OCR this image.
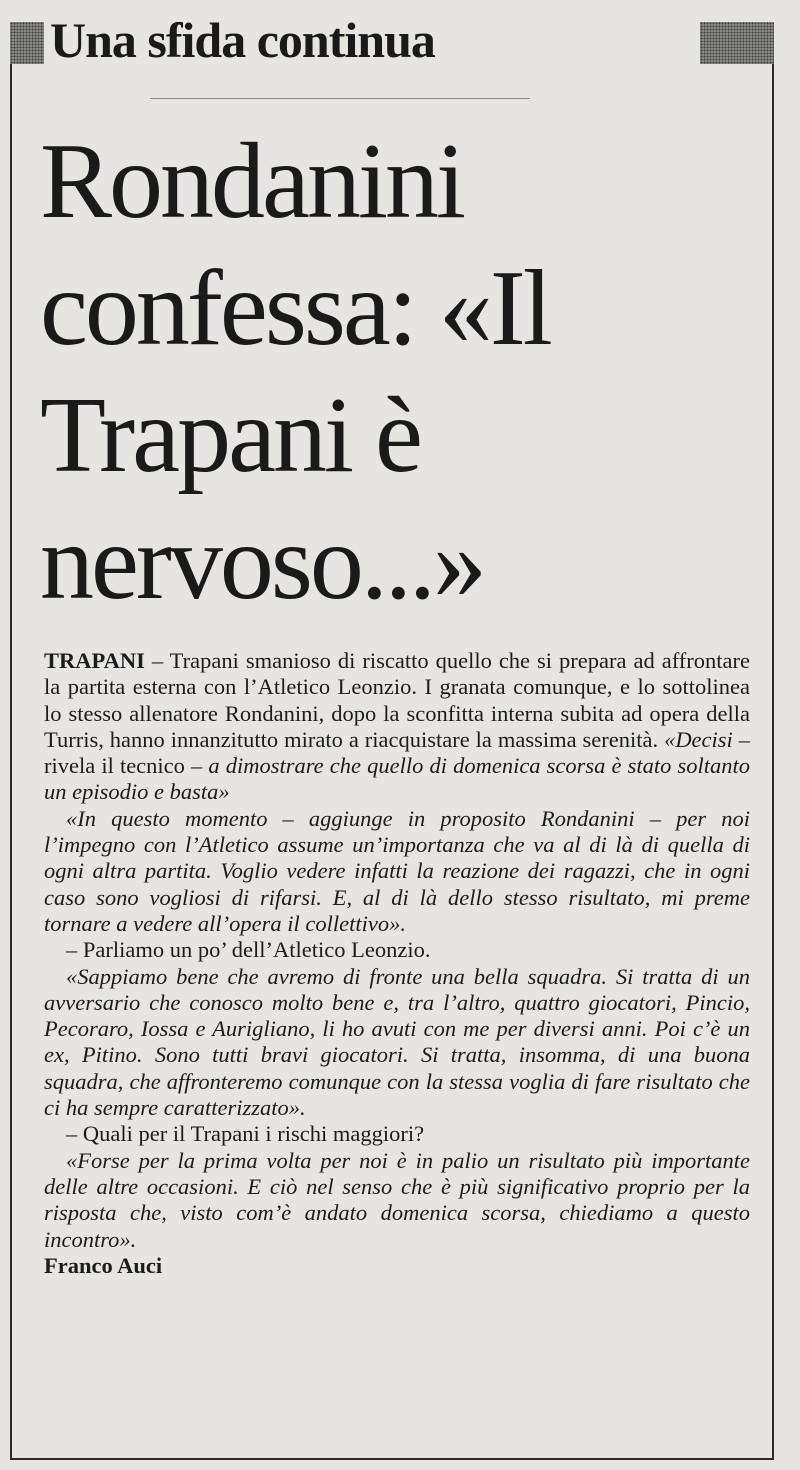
Una sfida continua
Rondanini
confessa: «Il
Trapani è
nervoso...»

TRAPANI – Trapani smanioso di riscatto quello che si prepara ad affrontare la partita esterna con l’Atletico Leonzio. I granata comunque, e lo sottolinea lo stesso allenatore Rondanini, dopo la sconfitta interna subita ad opera della Turris, hanno innanzitutto mirato a riacquistare la massima serenità. «Decisi – rivela il tecnico – a dimostrare che quello di domenica scorsa è stato soltanto un episodio e basta»

«In questo momento – aggiunge in proposito Rondanini – per noi l’impegno con l’Atletico assume un’importanza che va al di là di quella di ogni altra partita. Voglio vedere infatti la reazione dei ragazzi, che in ogni caso sono vogliosi di rifarsi. E, al di là dello stesso risultato, mi preme tornare a vedere all’opera il collettivo».

– Parliamo un po’ dell’Atletico Leonzio.

«Sappiamo bene che avremo di fronte una bella squadra. Si tratta di un avversario che conosco molto bene e, tra l’altro, quattro giocatori, Pincio, Pecoraro, Iossa e Aurigliano, li ho avuti con me per diversi anni. Poi c’è un ex, Pitino. Sono tutti bravi giocatori. Si tratta, insomma, di una buona squadra, che affronteremo comunque con la stessa voglia di fare risultato che ci ha sempre caratterizzato».

– Quali per il Trapani i rischi maggiori?

«Forse per la prima volta per noi è in palio un risultato più importante delle altre occasioni. E ciò nel senso che è più significativo proprio per la risposta che, visto com’è andato domenica scorsa, chiediamo a questo incontro».

Franco Auci
